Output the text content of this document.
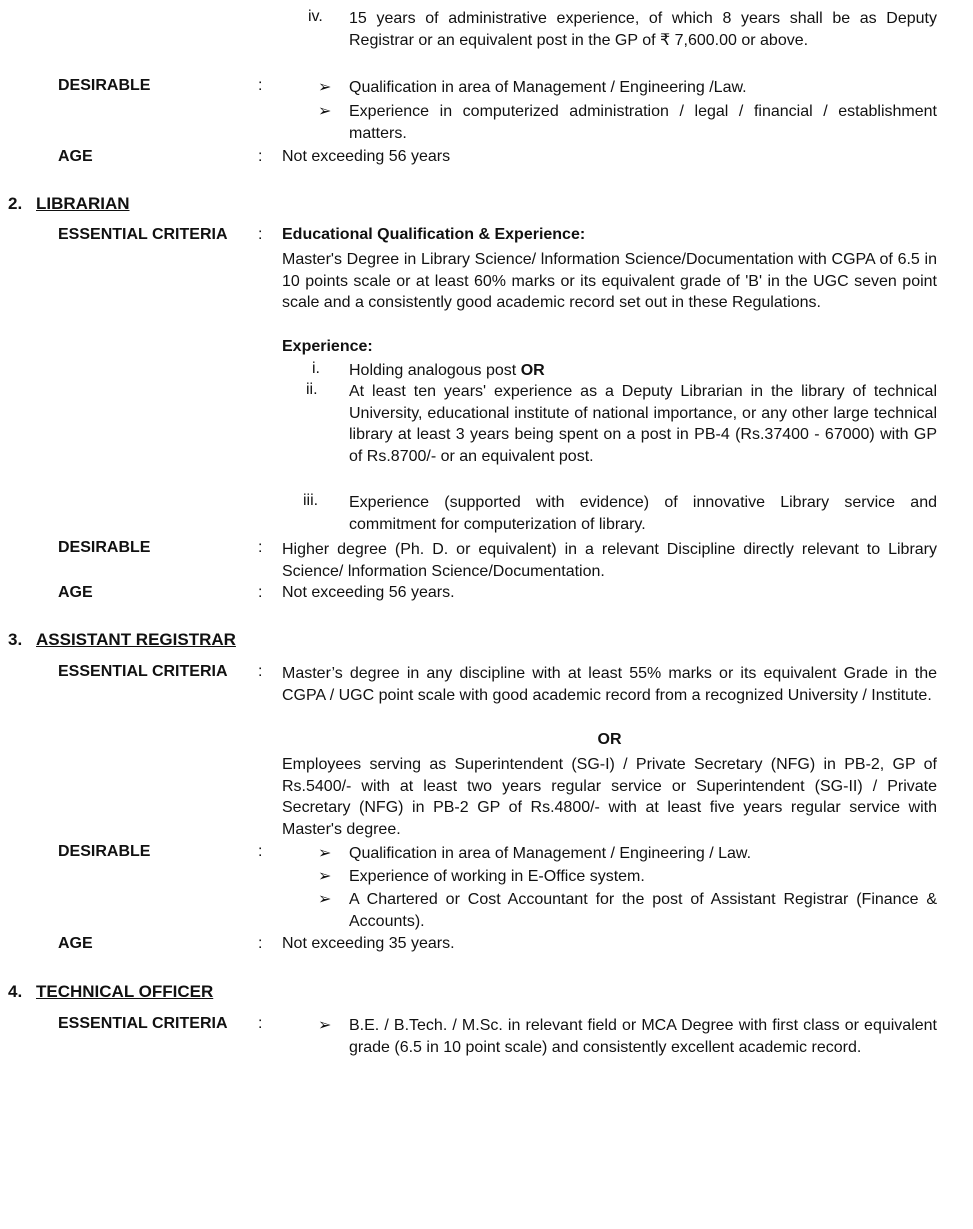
iv. 15 years of administrative experience, of which 8 years shall be as Deputy Registrar or an equivalent post in the GP of ₹ 7,600.00 or above.
DESIRABLE	:	➢ Qualification in area of Management / Engineering /Law.
➢ Experience in computerized administration / legal / financial / establishment matters.
AGE	: Not exceeding 56 years
2. LIBRARIAN
ESSENTIAL CRITERIA : Educational Qualification & Experience:
Master's Degree in Library Science/ lnformation Science/Documentation with CGPA of 6.5 in 10 points scale or at least 60% marks or its equivalent grade of 'B' in the UGC seven point scale and a consistently good academic record set out in these Regulations.
Experience:
i. Holding analogous post OR
ii. At least ten years' experience as a Deputy Librarian in the library of technical University, educational institute of national importance, or any other large technical library at least 3 years being spent on a post in PB-4 (Rs.37400 - 67000) with GP of Rs.8700/- or an equivalent post.
iii. Experience (supported with evidence) of innovative Library service and commitment for computerization of library.
DESIRABLE	: Higher degree (Ph. D. or equivalent) in a relevant Discipline directly relevant to Library Science/ lnformation Science/Documentation.
AGE	: Not exceeding 56 years.
3. ASSISTANT REGISTRAR
ESSENTIAL CRITERIA : Master’s degree in any discipline with at least 55% marks or its equivalent Grade in the CGPA / UGC point scale with good academic record from a recognized University / Institute.
OR
Employees serving as Superintendent (SG-I) / Private Secretary (NFG) in PB-2, GP of Rs.5400/- with at least two years regular service or Superintendent (SG-II) / Private Secretary (NFG) in PB-2 GP of Rs.4800/- with at least five years regular service with Master's degree.
DESIRABLE	:	➢ Qualification in area of Management / Engineering / Law.
➢ Experience of working in E-Office system.
➢ A Chartered or Cost Accountant for the post of Assistant Registrar (Finance & Accounts).
AGE	: Not exceeding 35 years.
4. TECHNICAL OFFICER
ESSENTIAL CRITERIA :	➢ B.E. / B.Tech. / M.Sc. in relevant field or MCA Degree with first class or equivalent grade (6.5 in 10 point scale) and consistently excellent academic record.
